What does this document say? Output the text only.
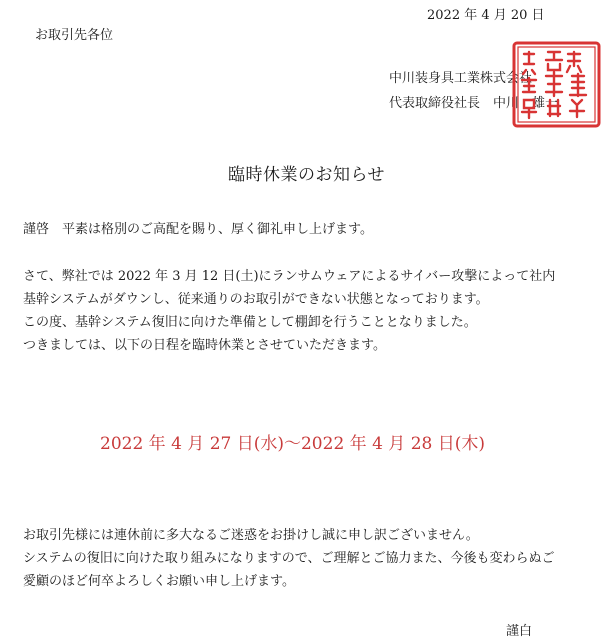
2022 年 4 月 20 日

お取引先各位

中川装身具工業株式会社

代表取締役社長　中川　雄一

臨時休業のお知らせ

謹啓　平素は格別のご高配を賜り、厚く御礼申し上げます。

さて、弊社では 2022 年 3 月 12 日(土)にランサムウェアによるサイバー攻撃によって社内

基幹システムがダウンし、従来通りのお取引ができない状態となっております。

この度、基幹システム復旧に向けた準備として棚卸を行うこととなりました。

つきましては、以下の日程を臨時休業とさせていただきます。

2022 年 4 月 27 日(水)～2022 年 4 月 28 日(木)

お取引先様には連休前に多大なるご迷惑をお掛けし誠に申し訳ございません。

システムの復旧に向けた取り組みになりますので、ご理解とご協力また、今後も変わらぬご

愛顧のほど何卒よろしくお願い申し上げます。

謹白
